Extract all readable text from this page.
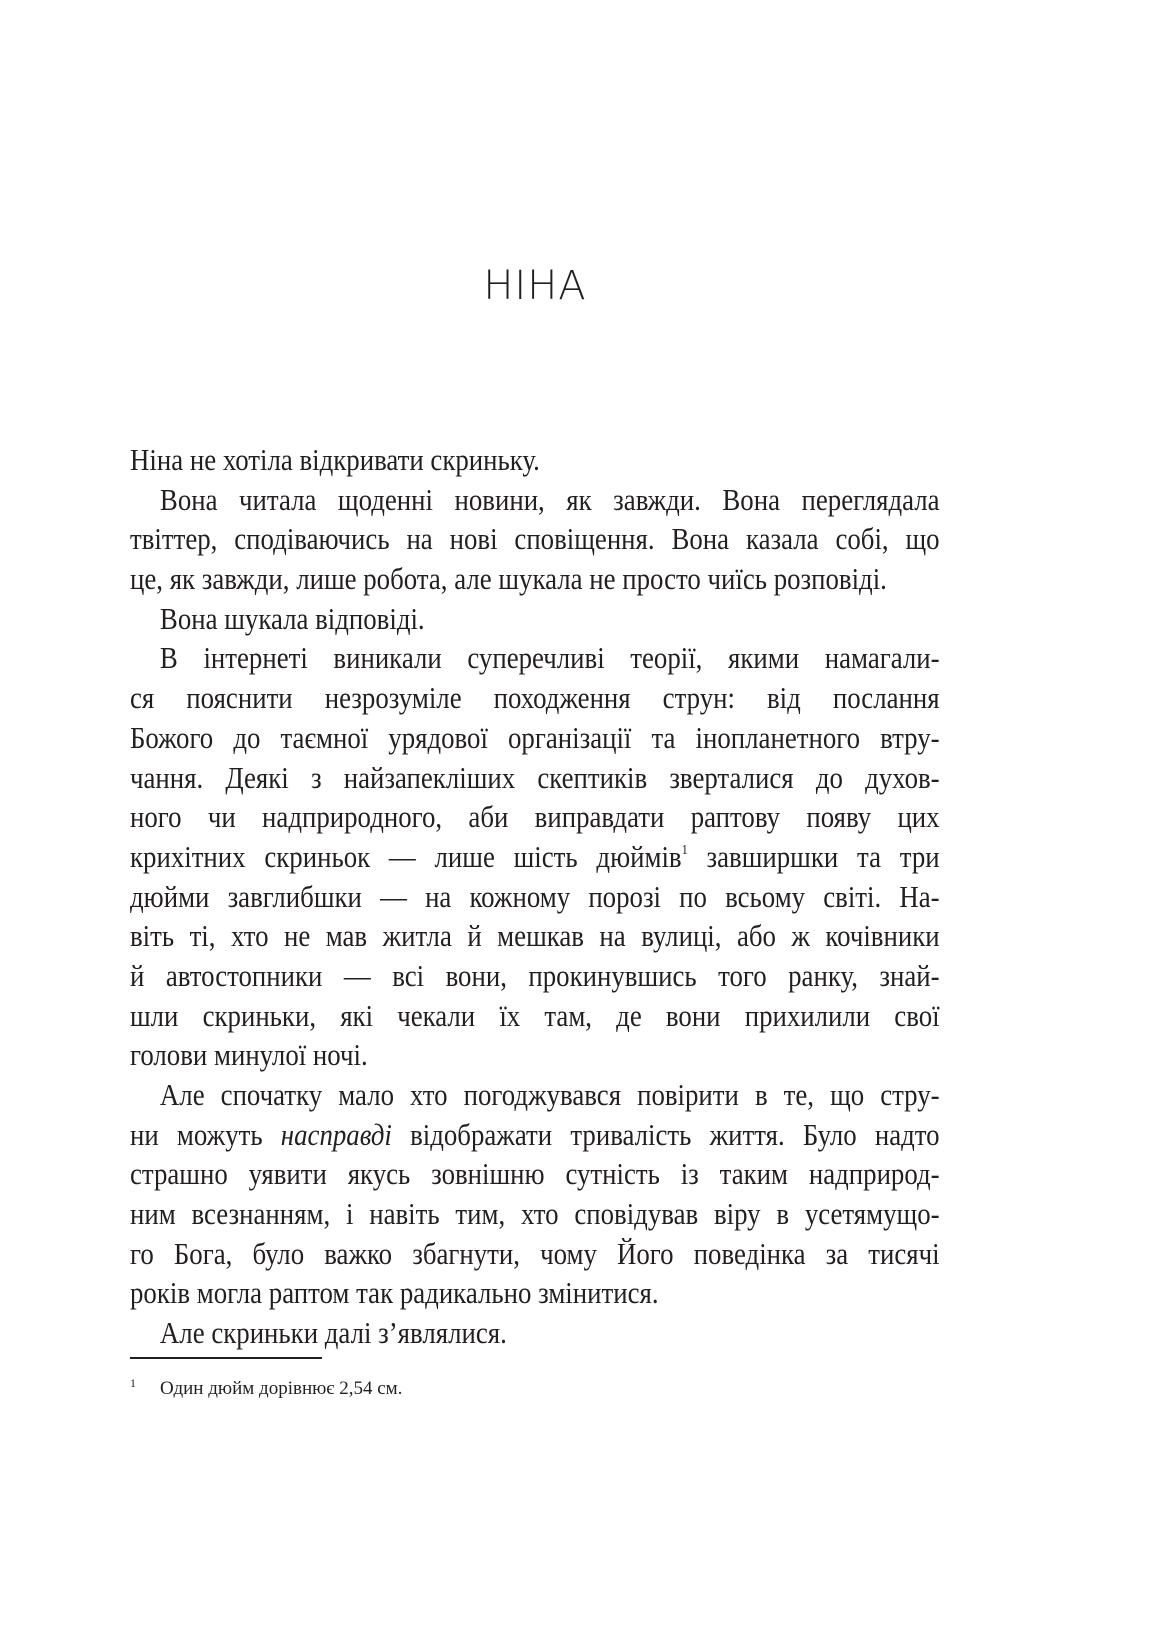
НІНА
Ніна не хотіла відкривати скриньку.
Вона читала щоденні новини, як завжди. Вона переглядала
твіттер, сподіваючись на нові сповіщення. Вона казала собі, що
це, як завжди, лише робота, але шукала не просто чиїсь розповіді.
Вона шукала відповіді.
В інтернеті виникали суперечливі теорії, якими намагали-
ся пояснити незрозуміле походження струн: від послання
Божого до таємної урядової організації та інопланетного втру-
чання. Деякі з найзапекліших скептиків зверталися до духов-
ного чи надприродного, аби виправдати раптову появу цих
крихітних скриньок — лише шість дюймів$^1$ завширшки та три
дюйми завглибшки — на кожному порозі по всьому світі. На-
віть ті, хто не мав житла й мешкав на вулиці, або ж кочівники
й автостопники — всі вони, прокинувшись того ранку, знай-
шли скриньки, які чекали їх там, де вони прихилили свої
голови минулої ночі.
Але спочатку мало хто погоджувався повірити в те, що стру-
ни можуть насправді відображати тривалість життя. Було надто
страшно уявити якусь зовнішню сутність із таким надприрод-
ним всезнанням, і навіть тим, хто сповідував віру в усетямущо-
го Бога, було важко збагнути, чому Його поведінка за тисячі
років могла раптом так радикально змінитися.
Але скриньки далі з’являлися.
1 Один дюйм дорівнює 2,54 см.
